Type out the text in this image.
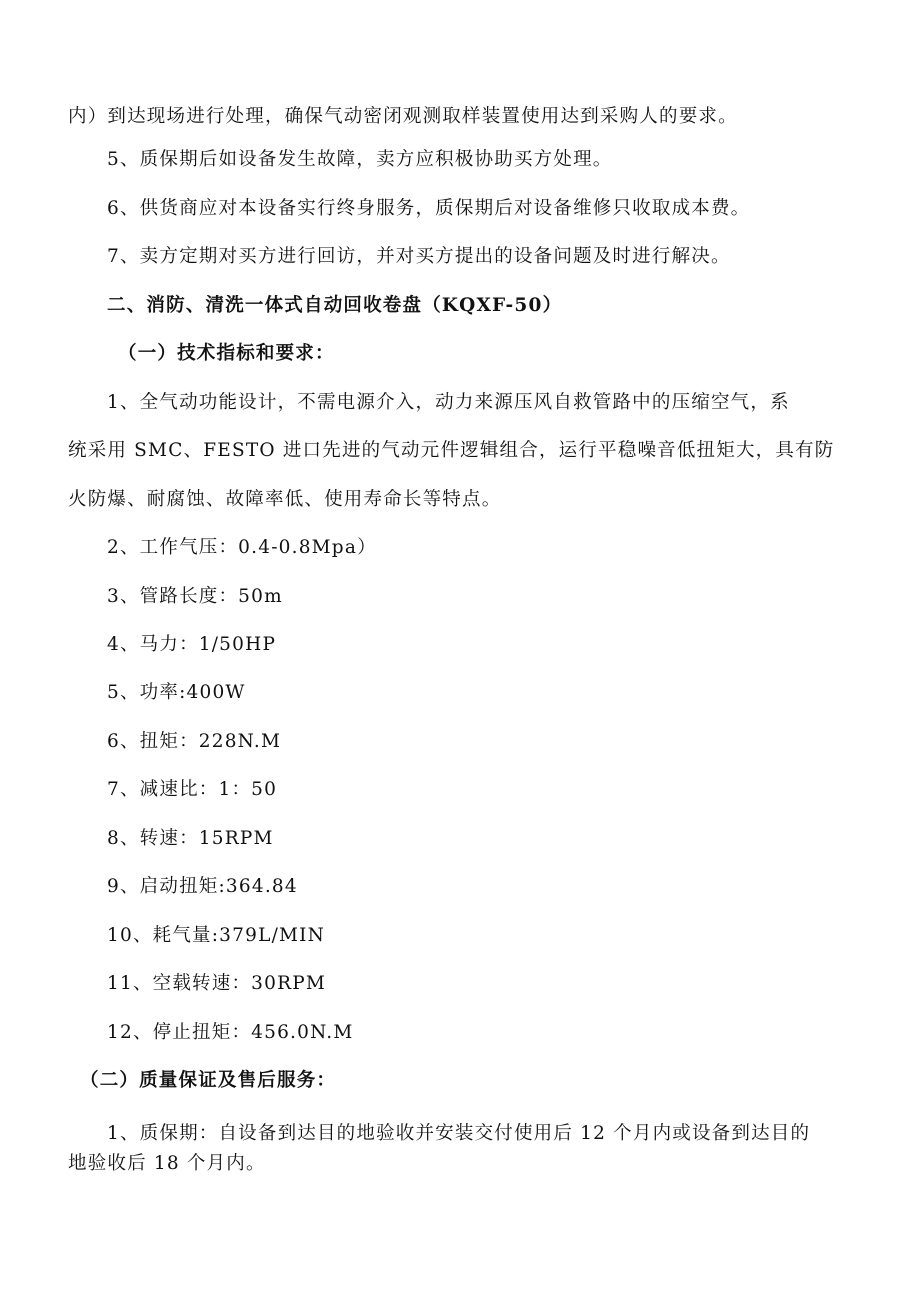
内）到达现场进行处理，确保气动密闭观测取样装置使用达到采购人的要求。
5、质保期后如设备发生故障，卖方应积极协助买方处理。
6、供货商应对本设备实行终身服务，质保期后对设备维修只收取成本费。
7、卖方定期对买方进行回访，并对买方提出的设备问题及时进行解决。
二、消防、清洗一体式自动回收卷盘（KQXF-50）
（一）技术指标和要求：
1、全气动功能设计，不需电源介入，动力来源压风自救管路中的压缩空气，系
统采用 SMC、FESTO 进口先进的气动元件逻辑组合，运行平稳噪音低扭矩大，具有防
火防爆、耐腐蚀、故障率低、使用寿命长等特点。
2、工作气压：0.4-0.8Mpa）
3、管路长度：50m
4、马力：1/50HP
5、功率:400W
6、扭矩：228N.M
7、减速比：1：50
8、转速：15RPM
9、启动扭矩:364.84
10、耗气量:379L/MIN
11、空载转速：30RPM
12、停止扭矩：456.0N.M
（二）质量保证及售后服务：
1、质保期：自设备到达目的地验收并安装交付使用后 12 个月内或设备到达目的
地验收后 18 个月内。
